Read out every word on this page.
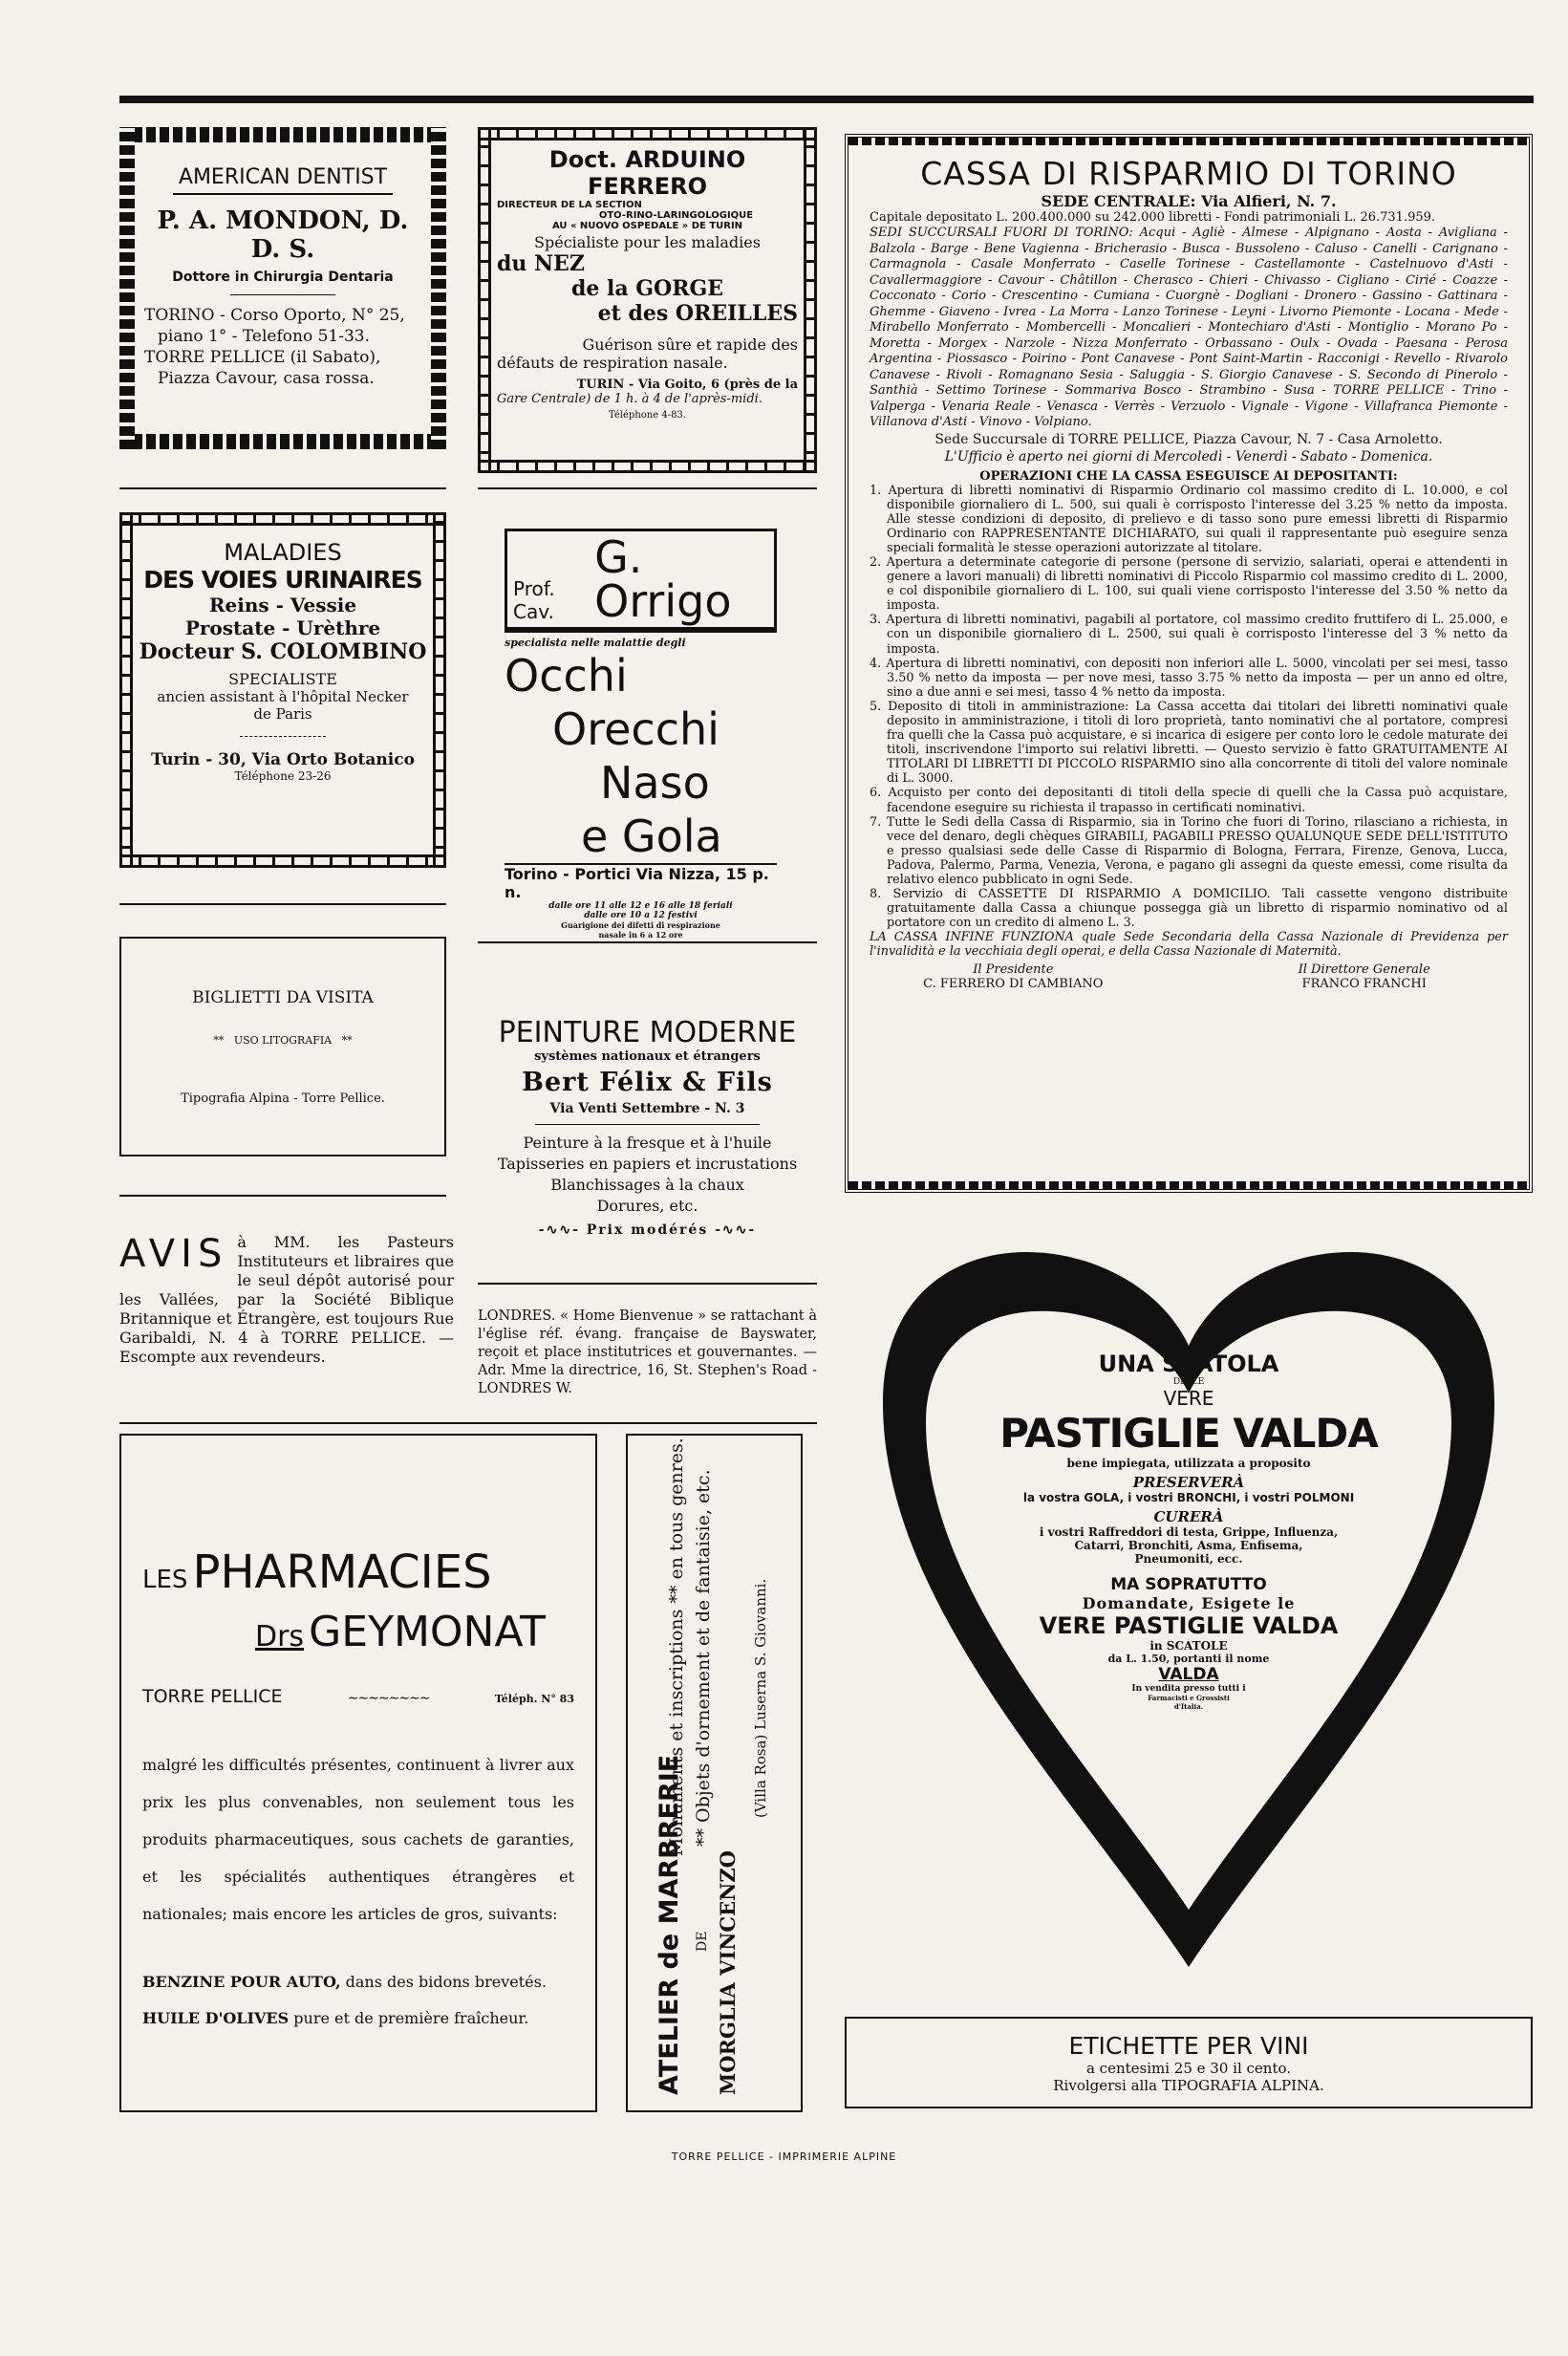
AMERICAN DENTIST
P. A. MONDON, D. D. S.
Dottore in Chirurgia Dentaria

TORINO - Corso Oporto, N° 25,

piano 1° - Telefono 51-33.

TORRE PELLICE (il Sabato),

Piazza Cavour, casa rossa.

Doct. ARDUINO FERRERO
DIRECTEUR DE LA SECTION
OTO-RINO-LARINGOLOGIQUE
AU « NUOVO OSPEDALE » DE TURIN
Spécialiste pour les maladies
du NEZ
de la GORGE
et des OREILLES
Guérison sûre et rapide des
défauts de respiration nasale.
TURIN - Via Goito, 6 (près de la
Gare Centrale) de 1 h. à 4 de l'après-midi.
Téléphone 4-83.
CASSA DI RISPARMIO DI TORINO
SEDE CENTRALE: Via Alfieri, N. 7.

Capitale depositato L. 200.400.000 su 242.000 libretti - Fondi patrimoniali L. 26.731.959.

SEDI SUCCURSALI FUORI DI TORINO: Acqui - Agliè - Almese - Alpignano - Aosta - Avigliana - Balzola - Barge - Bene Vagienna - Bricherasio - Busca - Bussoleno - Caluso - Canelli - Carignano - Carmagnola - Casale Monferrato - Caselle Torinese - Castellamonte - Castelnuovo d'Asti - Cavallermaggiore - Cavour - Châtillon - Cherasco - Chieri - Chivasso - Cigliano - Cirié - Coazze - Cocconato - Corio - Crescentino - Cumiana - Cuorgnè - Dogliani - Dronero - Gassino - Gattinara - Ghemme - Giaveno - Ivrea - La Morra - Lanzo Torinese - Leyni - Livorno Piemonte - Locana - Mede - Mirabello Monferrato - Mombercelli - Moncalieri - Montechiaro d'Asti - Montiglio - Morano Po - Moretta - Morgex - Narzole - Nizza Monferrato - Orbassano - Oulx - Ovada - Paesana - Perosa Argentina - Piossasco - Poirino - Pont Canavese - Pont Saint-Martin - Racconigi - Revello - Rivarolo Canavese - Rivoli - Romagnano Sesia - Saluggia - S. Giorgio Canavese - S. Secondo di Pinerolo - Santhià - Settimo Torinese - Sommariva Bosco - Strambino - Susa - TORRE PELLICE - Trino - Valperga - Venaria Reale - Venasca - Verrès - Verzuolo - Vignale - Vigone - Villafranca Piemonte - Villanova d'Asti - Vinovo - Volpiano.

Sede Succursale di TORRE PELLICE, Piazza Cavour, N. 7 - Casa Arnoletto.

L'Ufficio è aperto nei giorni di Mercoledì - Venerdì - Sabato - Domenica.

OPERAZIONI CHE LA CASSA ESEGUISCE AI DEPOSITANTI:

1. Apertura di libretti nominativi di Risparmio Ordinario col massimo credito di L. 10.000, e col disponibile giornaliero di L. 500, sui quali è corrisposto l'interesse del 3.25 % netto da imposta. Alle stesse condizioni di deposito, di prelievo e di tasso sono pure emessi libretti di Risparmio Ordinario con RAPPRESENTANTE DICHIARATO, sui quali il rappresentante può eseguire senza speciali formalità le stesse operazioni autorizzate al titolare.

2. Apertura a determinate categorie di persone (persone di servizio, salariati, operai e attendenti in genere a lavori manuali) di libretti nominativi di Piccolo Risparmio col massimo credito di L. 2000, e col disponibile giornaliero di L. 100, sui quali viene corrisposto l'interesse del 3.50 % netto da imposta.

3. Apertura di libretti nominativi, pagabili al portatore, col massimo credito fruttifero di L. 25.000, e con un disponibile giornaliero di L. 2500, sui quali è corrisposto l'interesse del 3 % netto da imposta.

4. Apertura di libretti nominativi, con depositi non inferiori alle L. 5000, vincolati per sei mesi, tasso 3.50 % netto da imposta — per nove mesi, tasso 3.75 % netto da imposta — per un anno ed oltre, sino a due anni e sei mesi, tasso 4 % netto da imposta.

5. Deposito di titoli in amministrazione: La Cassa accetta dai titolari dei libretti nominativi quale deposito in amministrazione, i titoli di loro proprietà, tanto nominativi che al portatore, compresi fra quelli che la Cassa può acquistare, e si incarica di esigere per conto loro le cedole maturate dei titoli, inscrivendone l'importo sui relativi libretti. — Questo servizio è fatto GRATUITAMENTE AI TITOLARI DI LIBRETTI DI PICCOLO RISPARMIO sino alla concorrente di titoli del valore nominale di L. 3000.

6. Acquisto per conto dei depositanti di titoli della specie di quelli che la Cassa può acquistare, facendone eseguire su richiesta il trapasso in certificati nominativi.

7. Tutte le Sedi della Cassa di Risparmio, sia in Torino che fuori di Torino, rilasciano a richiesta, in vece del denaro, degli chèques GIRABILI, PAGABILI PRESSO QUALUNQUE SEDE DELL'ISTITUTO e presso qualsiasi sede delle Casse di Risparmio di Bologna, Ferrara, Firenze, Genova, Lucca, Padova, Palermo, Parma, Venezia, Verona, e pagano gli assegni da queste emessi, come risulta da relativo elenco pubblicato in ogni Sede.

8. Servizio di CASSETTE DI RISPARMIO A DOMICILIO. Tali cassette vengono distribuite gratuitamente dalla Cassa a chiunque possegga già un libretto di risparmio nominativo od al portatore con un credito di almeno L. 3.

LA CASSA INFINE FUNZIONA quale Sede Secondaria della Cassa Nazionale di Previdenza per l'invalidità e la vecchiaia degli operai, e della Cassa Nazionale di Maternità.

Il Presidente
C. FERRERO DI CAMBIANO
Il Direttore Generale
FRANCO FRANCHI
MALADIES
DES VOIES URINAIRES
Reins - Vessie
Prostate - Urèthre
Docteur S. COLOMBINO
SPECIALISTE
ancien assistant à l'hôpital Necker
de Paris
Turin - 30, Via Orto Botanico
Téléphone 23-26
Prof. Cav.
G. Orrigo
specialista nelle malattie degli
Occhi
Orecchi
Naso
e Gola
Torino - Portici Via Nizza, 15 p. n.
dalle ore 11 alle 12 e 16 alle 18 feriali
dalle ore 10 a 12 festivi
Guarigione dei difetti di respirazione
nasale in 6 a 12 ore
BIGLIETTI DA VISITA
**   USO LITOGRAFIA   **
Tipografia Alpina - Torre Pellice.
PEINTURE MODERNE
systèmes nationaux et étrangers
Bert Félix & Fils
Via Venti Settembre - N. 3

Peinture à la fresque et à l'huile

Tapisseries en papiers et incrustations

Blanchissages à la chaux

Dorures, etc.

-∿∿- Prix modérés -∿∿-
AVIS à MM. les Pasteurs Instituteurs et libraires que le seul dépôt autorisé pour les Vallées, par la Société Biblique Britannique et Étrangère, est toujours Rue Garibaldi, N. 4 à TORRE PELLICE. — Escompte aux revendeurs.

LONDRES. « Home Bienvenue » se rattachant à l'église réf. évang. française de Bayswater, reçoit et place institutrices et gouvernantes. — Adr. Mme la directrice, 16, St. Stephen's Road - LONDRES W.

LES PHARMACIES
Drs GEYMONAT
TORRE PELLICE	∼∼∼∼∼∼∼∼	Téléph. N° 83

malgré les difficultés présentes, continuent à livrer aux prix les plus convenables, non seulement tous les produits pharmaceutiques, sous cachets de garanties, et les spécialités authentiques étrangères et nationales; mais encore les articles de gros, suivants:

BENZINE POUR AUTO, dans des bidons brevetés.

HUILE D'OLIVES pure et de première fraîcheur.	ATELIER de MARBRERIE DE MORGLIA VINCENZO
Monuments et inscriptions ** en tous genres. ** Objets d'ornement et de fantaisie, etc.	(Villa Rosa) Luserna S. Giovanni.
UNA SCATOLA
DELLE
VERE
PASTIGLIE VALDA
bene impiegata, utilizzata a proposito
PRESERVERÀ
la vostra GOLA, i vostri BRONCHI, i vostri POLMONI
CURERÀ
i vostri Raffreddori di testa, Grippe, Influenza,
Catarri, Bronchiti, Asma, Enfisema,
Pneumoniti, ecc.
MA SOPRATUTTO
Domandate, Esigete le
VERE PASTIGLIE VALDA
in SCATOLE
da L. 1.50, portanti il nome
VALDA
In vendita presso tutti i
Farmacisti e Grossisti
d'Italia.
ETICHETTE PER VINI
a centesimi 25 e 30 il cento.
Rivolgersi alla TIPOGRAFIA ALPINA.
TORRE PELLICE - IMPRIMERIE ALPINE
